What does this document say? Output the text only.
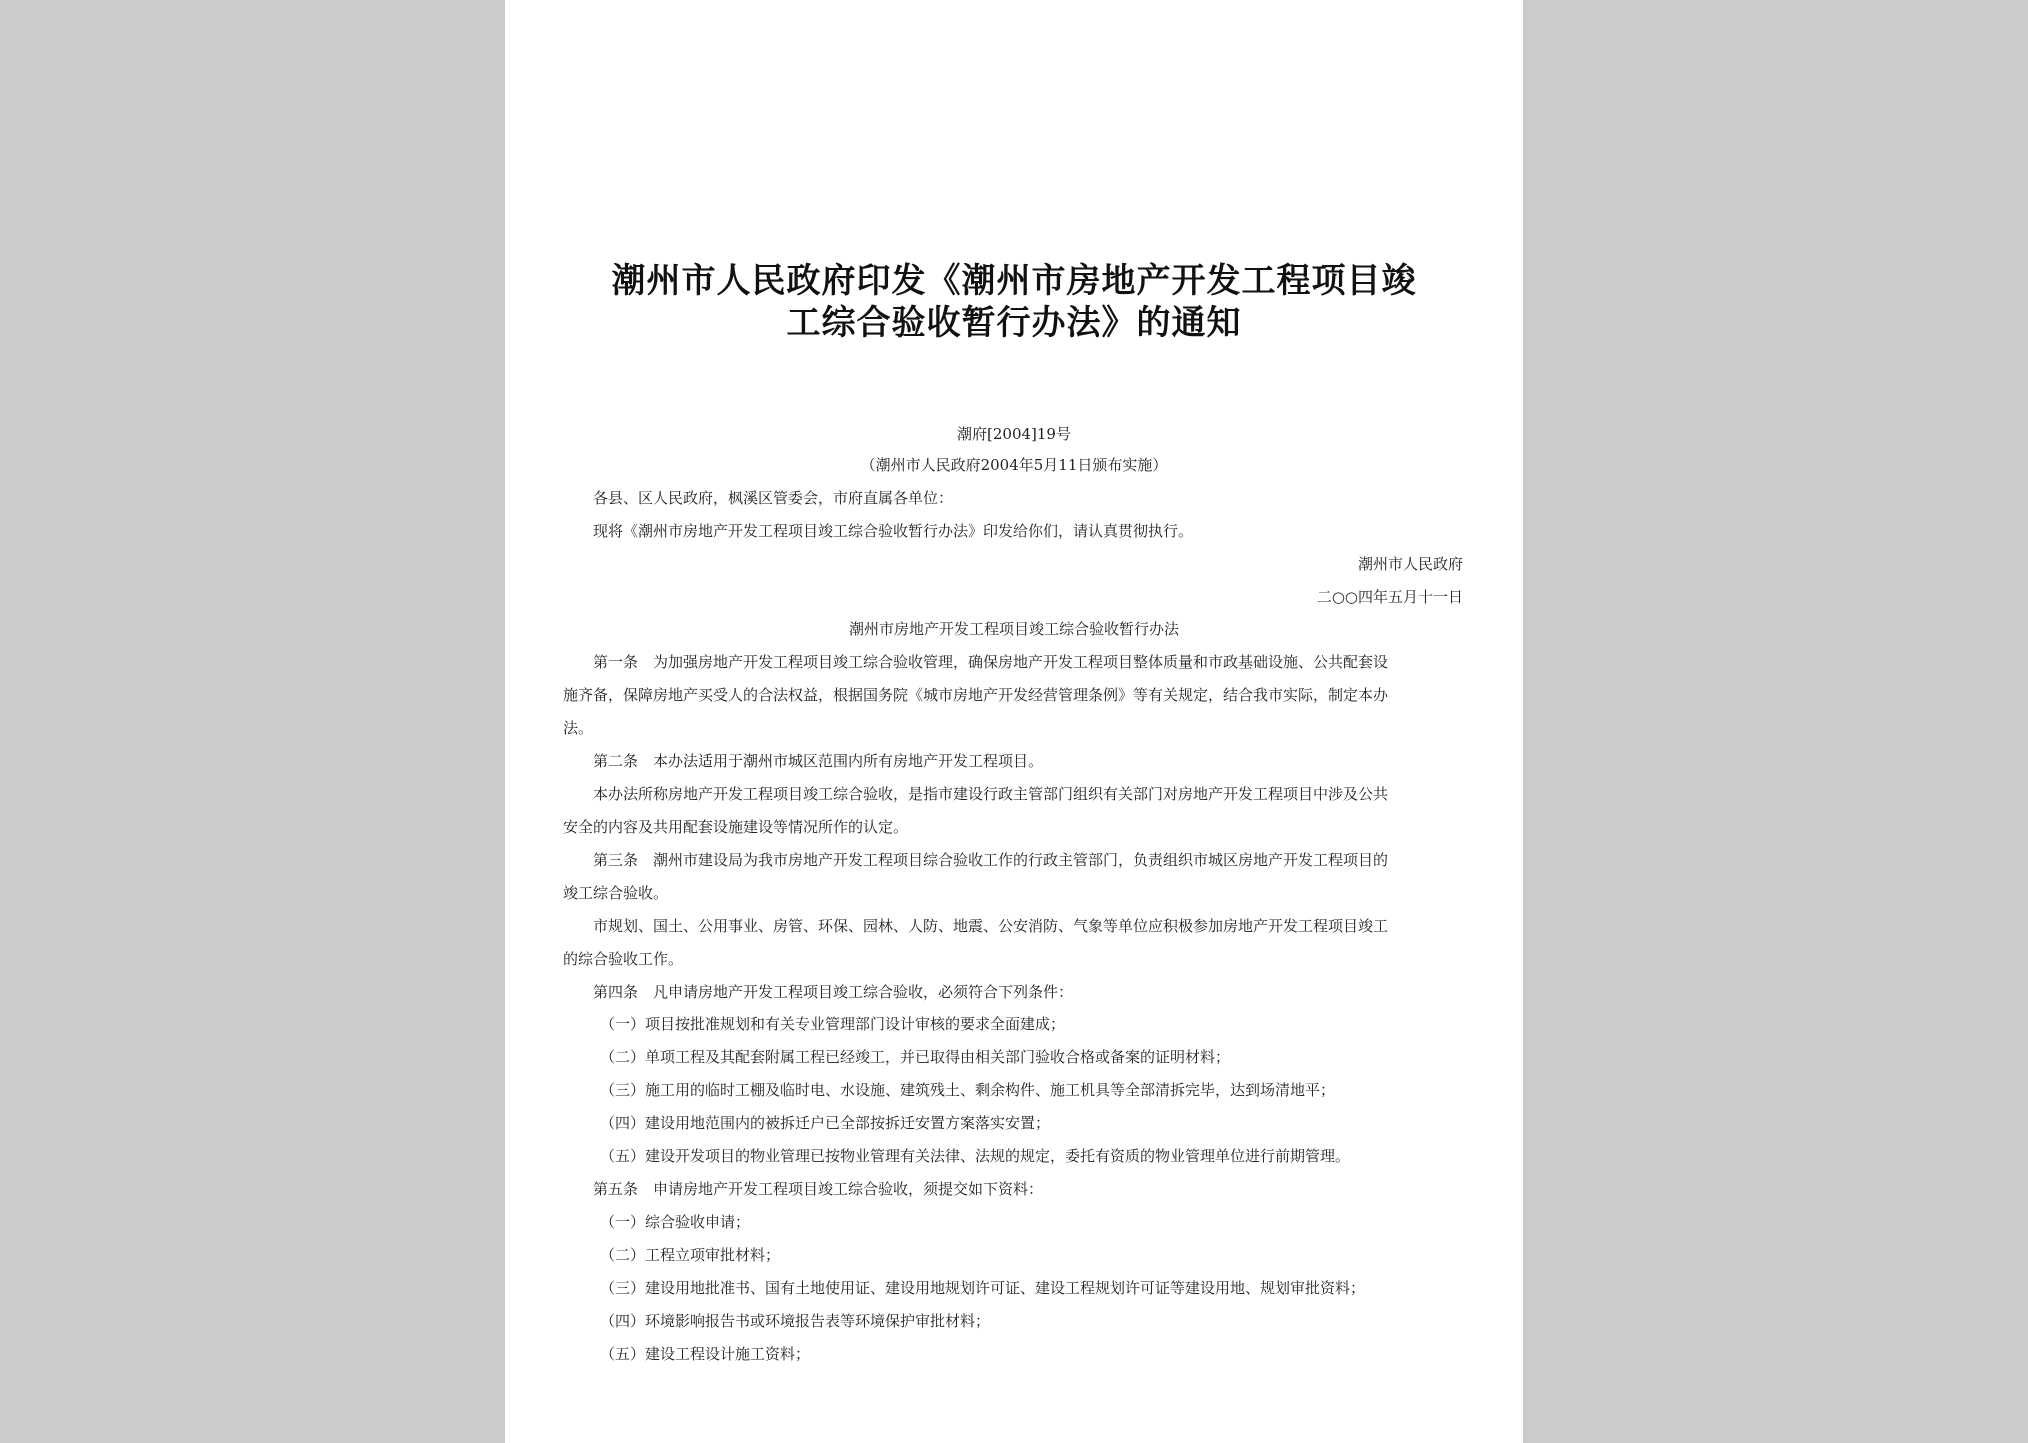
潮州市人民政府印发《潮州市房地产开发工程项目竣
工综合验收暂行办法》的通知
潮府[2004]19号
（潮州市人民政府2004年5月11日颁布实施）
各县、区人民政府，枫溪区管委会，市府直属各单位：
现将《潮州市房地产开发工程项目竣工综合验收暂行办法》印发给你们，请认真贯彻执行。
潮州市人民政府
二○○四年五月十一日
潮州市房地产开发工程项目竣工综合验收暂行办法
第一条　为加强房地产开发工程项目竣工综合验收管理，确保房地产开发工程项目整体质量和市政基础设施、公共配套设
施齐备，保障房地产买受人的合法权益，根据国务院《城市房地产开发经营管理条例》等有关规定，结合我市实际，制定本办
法。
第二条　本办法适用于潮州市城区范围内所有房地产开发工程项目。
本办法所称房地产开发工程项目竣工综合验收，是指市建设行政主管部门组织有关部门对房地产开发工程项目中涉及公共
安全的内容及共用配套设施建设等情况所作的认定。
第三条　潮州市建设局为我市房地产开发工程项目综合验收工作的行政主管部门，负责组织市城区房地产开发工程项目的
竣工综合验收。
市规划、国土、公用事业、房管、环保、园林、人防、地震、公安消防、气象等单位应积极参加房地产开发工程项目竣工
的综合验收工作。
第四条　凡申请房地产开发工程项目竣工综合验收，必须符合下列条件：
（一）项目按批准规划和有关专业管理部门设计审核的要求全面建成；
（二）单项工程及其配套附属工程已经竣工，并已取得由相关部门验收合格或备案的证明材料；
（三）施工用的临时工棚及临时电、水设施、建筑残土、剩余构件、施工机具等全部清拆完毕，达到场清地平；
（四）建设用地范围内的被拆迁户已全部按拆迁安置方案落实安置；
（五）建设开发项目的物业管理已按物业管理有关法律、法规的规定，委托有资质的物业管理单位进行前期管理。
第五条　申请房地产开发工程项目竣工综合验收，须提交如下资料：
（一）综合验收申请；
（二）工程立项审批材料；
（三）建设用地批准书、国有土地使用证、建设用地规划许可证、建设工程规划许可证等建设用地、规划审批资料；
（四）环境影响报告书或环境报告表等环境保护审批材料；
（五）建设工程设计施工资料；
